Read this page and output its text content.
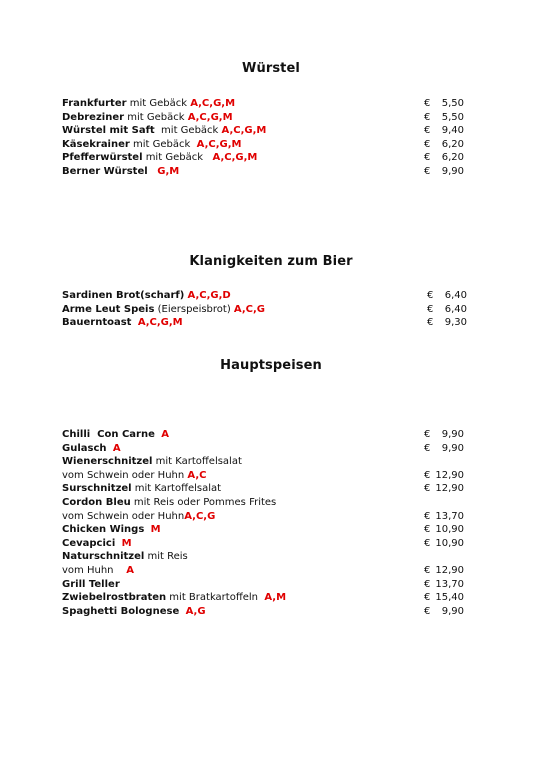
Würstel
Frankfurter mit Gebäck A,C,G,M	€ 5,50
Debreziner mit Gebäck A,C,G,M	€ 5,50
Würstel mit Saft  mit Gebäck A,C,G,M	€ 9,40
Käsekrainer mit Gebäck  A,C,G,M	€ 6,20
Pfefferwürstel mit Gebäck   A,C,G,M	€ 6,20
Berner Würstel G,M	€ 9,90
Klanigkeiten zum Bier
Sardinen Brot(scharf) A,C,G,D	€ 6,40
Arme Leut Speis (Eierspeisbrot) A,C,G	€ 6,40
Bauerntoast A,C,G,M	€ 9,30
Hauptspeisen
Chilli  Con Carne A	€ 9,90
Gulasch A	€ 9,90
Wienerschnitzel mit Kartoffelsalat
vom Schwein oder Huhn A,C	€ 12,90
Surschnitzel mit Kartoffelsalat	€ 12,90
Cordon Bleu mit Reis oder Pommes Frites
vom Schwein oder HuhnA,C,G	€ 13,70
Chicken Wings M	€ 10,90
Cevapcici M	€ 10,90
Naturschnitzel mit Reis
vom Huhn    A	€ 12,90
Grill Teller	€ 13,70
Zwiebelrostbraten mit Bratkartoffeln  A,M	€ 15,40
Spaghetti Bolognese A,G	€ 9,90
